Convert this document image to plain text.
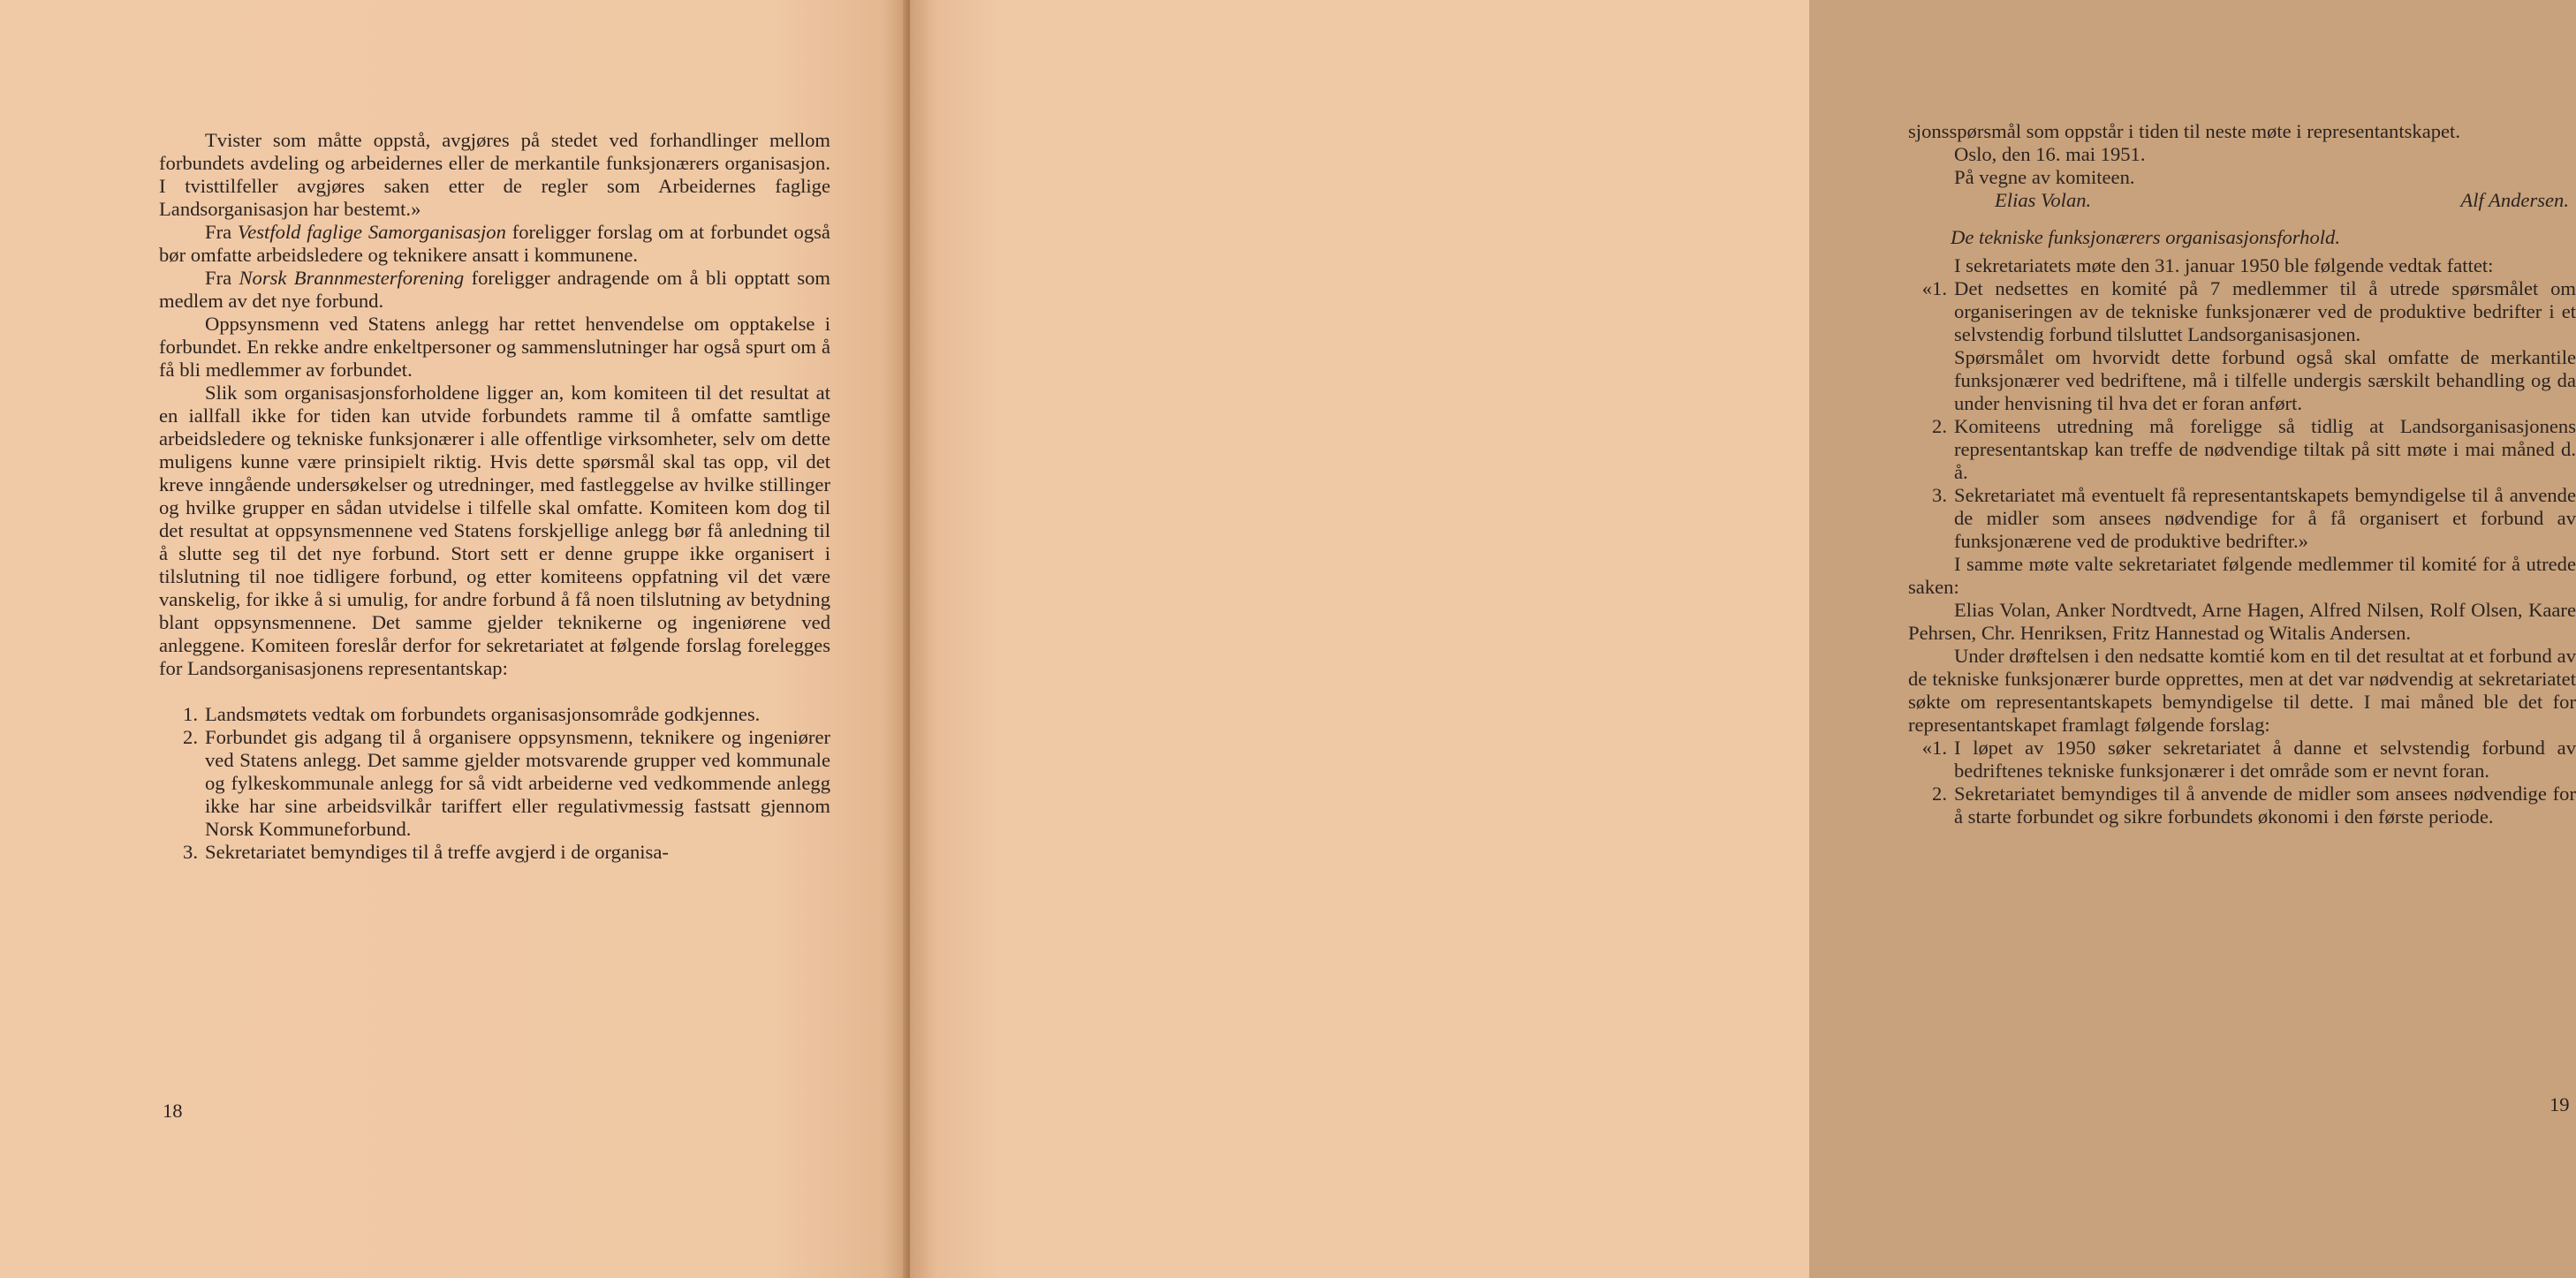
Tvister som måtte oppstå, avgjøres på stedet ved forhandlinger mellom forbundets avdeling og arbeidernes eller de merkantile funksjonærers organisasjon. I tvisttilfeller avgjøres saken etter de regler som Arbeidernes faglige Landsorganisasjon har bestemt.»

Fra Vestfold faglige Samorganisasjon foreligger forslag om at forbundet også bør omfatte arbeidsledere og teknikere ansatt i kommunene.

Fra Norsk Brannmesterforening foreligger andragende om å bli opptatt som medlem av det nye forbund.

Oppsynsmenn ved Statens anlegg har rettet henvendelse om opptakelse i forbundet. En rekke andre enkeltpersoner og sammenslutninger har også spurt om å få bli medlemmer av forbundet.

Slik som organisasjonsforholdene ligger an, kom komiteen til det resultat at en iallfall ikke for tiden kan utvide forbundets ramme til å omfatte samtlige arbeidsledere og tekniske funksjonærer i alle offentlige virksomheter, selv om dette muligens kunne være prinsipielt riktig. Hvis dette spørsmål skal tas opp, vil det kreve inngående undersøkelser og utredninger, med fastleggelse av hvilke stillinger og hvilke grupper en sådan utvidelse i tilfelle skal omfatte. Komiteen kom dog til det resultat at oppsynsmennene ved Statens forskjellige anlegg bør få anledning til å slutte seg til det nye forbund. Stort sett er denne gruppe ikke organisert i tilslutning til noe tidligere forbund, og etter komiteens oppfatning vil det være vanskelig, for ikke å si umulig, for andre forbund å få noen tilslutning av betydning blant oppsynsmennene. Det samme gjelder teknikerne og ingeniørene ved anleggene. Komiteen foreslår derfor for sekretariatet at følgende forslag forelegges for Landsorganisasjonens representantskap:

1. Landsmøtets vedtak om forbundets organisasjonsområde godkjennes.
2. Forbundet gis adgang til å organisere oppsynsmenn, teknikere og ingeniører ved Statens anlegg. Det samme gjelder motsvarende grupper ved kommunale og fylkeskommunale anlegg for så vidt arbeiderne ved vedkommende anlegg ikke har sine arbeidsvilkår tariffert eller regulativmessig fastsatt gjennom Norsk Kommuneforbund.
3. Sekretariatet bemyndiges til å treffe avgjerd i de organisa-
18

sjonsspørsmål som oppstår i tiden til neste møte i representantskapet.

Oslo, den 16. mai 1951.

På vegne av komiteen.

Elias Volan.	Alf Andersen.

De tekniske funksjonærers organisasjonsforhold.

I sekretariatets møte den 31. januar 1950 ble følgende vedtak fattet:

«1. Det nedsettes en komité på 7 medlemmer til å utrede spørsmålet om organiseringen av de tekniske funksjonærer ved de produktive bedrifter i et selvstendig forbund tilsluttet Landsorganisasjonen.
Spørsmålet om hvorvidt dette forbund også skal omfatte de merkantile funksjonærer ved bedriftene, må i tilfelle undergis særskilt behandling og da under henvisning til hva det er foran anført.
2. Komiteens utredning må foreligge så tidlig at Landsorganisasjonens representantskap kan treffe de nødvendige tiltak på sitt møte i mai måned d. å.
3. Sekretariatet må eventuelt få representantskapets bemyndigelse til å anvende de midler som ansees nødvendige for å få organisert et forbund av funksjonærene ved de produktive bedrifter.»

I samme møte valte sekretariatet følgende medlemmer til komité for å utrede saken:

Elias Volan, Anker Nordtvedt, Arne Hagen, Alfred Nilsen, Rolf Olsen, Kaare Pehrsen, Chr. Henriksen, Fritz Hannestad og Witalis Andersen.

Under drøftelsen i den nedsatte komtié kom en til det resultat at et forbund av de tekniske funksjonærer burde opprettes, men at det var nødvendig at sekretariatet søkte om representantskapets bemyndigelse til dette. I mai måned ble det for representantskapet framlagt følgende forslag:

«1. I løpet av 1950 søker sekretariatet å danne et selvstendig forbund av bedriftenes tekniske funksjonærer i det område som er nevnt foran.
2. Sekretariatet bemyndiges til å anvende de midler som ansees nødvendige for å starte forbundet og sikre forbundets økonomi i den første periode.
19
